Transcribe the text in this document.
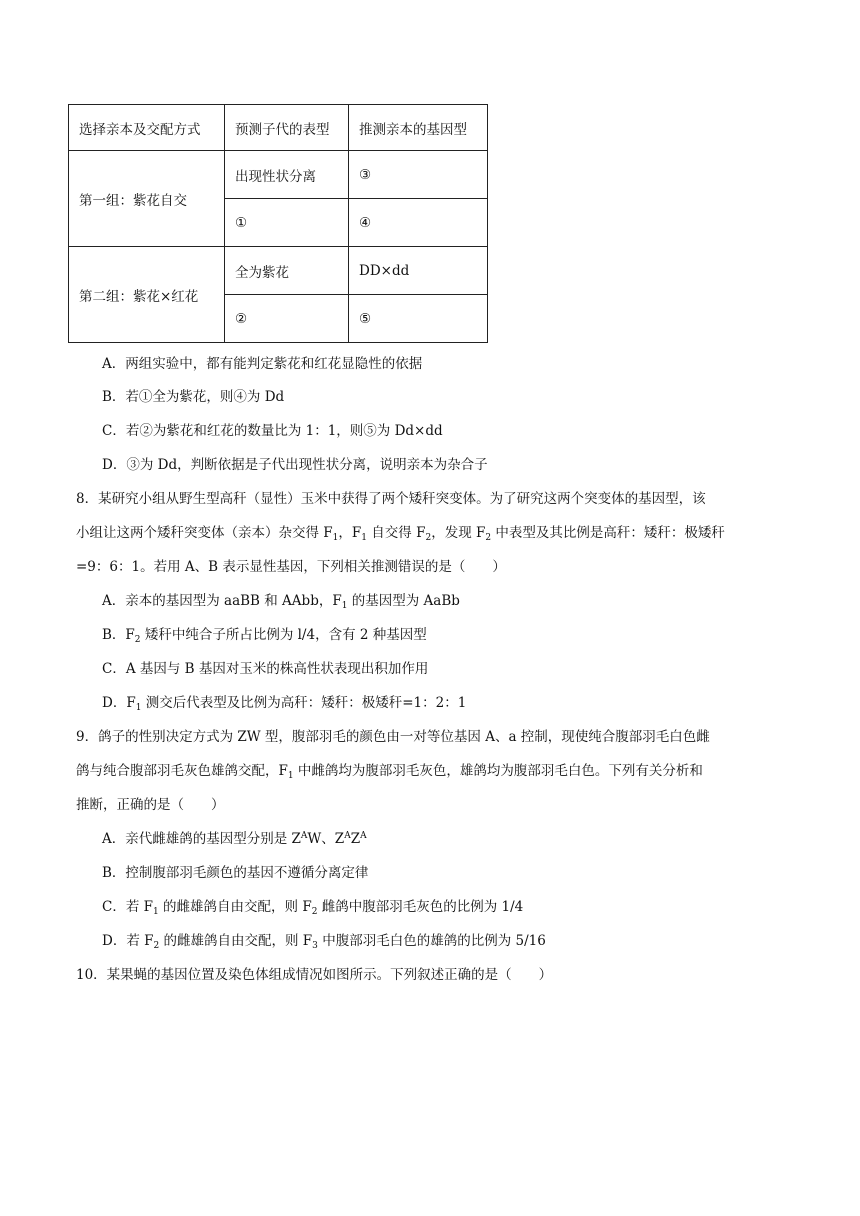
选择亲本及交配方式	预测子代的表型	推测亲本的基因型
第一组：紫花自交	出现性状分离	③
	①	④
第二组：紫花×红花	全为紫花	DD×dd
	②	⑤
A．两组实验中，都有能判定紫花和红花显隐性的依据
B．若①全为紫花，则④为 Dd
C．若②为紫花和红花的数量比为 1：1，则⑤为 Dd×dd
D．③为 Dd，判断依据是子代出现性状分离，说明亲本为杂合子
8．某研究小组从野生型高秆（显性）玉米中获得了两个矮秆突变体。为了研究这两个突变体的基因型，该
小组让这两个矮秆突变体（亲本）杂交得 $F_1$，$F_1$ 自交得 $F_2$，发现 $F_2$ 中表型及其比例是高秆：矮秆：极矮秆
=9：6：1。若用 A、B 表示显性基因，下列相关推测错误的是（　　）
A．亲本的基因型为 aaBB 和 AAbb，$F_1$ 的基因型为 AaBb
B．$F_2$ 矮秆中纯合子所占比例为 l/4，含有 2 种基因型
C．A 基因与 B 基因对玉米的株高性状表现出积加作用
D．$F_1$ 测交后代表型及比例为高秆：矮秆：极矮秆=1：2：1
9．鸽子的性别决定方式为 ZW 型，腹部羽毛的颜色由一对等位基因 A、a 控制，现使纯合腹部羽毛白色雌
鸽与纯合腹部羽毛灰色雄鸽交配，$F_1$ 中雌鸽均为腹部羽毛灰色，雄鸽均为腹部羽毛白色。下列有关分析和
推断，正确的是（　　）
A．亲代雌雄鸽的基因型分别是 $Z^AW$、$Z^AZ^A$
B．控制腹部羽毛颜色的基因不遵循分离定律
C．若 $F_1$ 的雌雄鸽自由交配，则 $F_2$ 雌鸽中腹部羽毛灰色的比例为 1/4
D．若 $F_2$ 的雌雄鸽自由交配，则 $F_3$ 中腹部羽毛白色的雄鸽的比例为 5/16
10．某果蝇的基因位置及染色体组成情况如图所示。下列叙述正确的是（　　）
